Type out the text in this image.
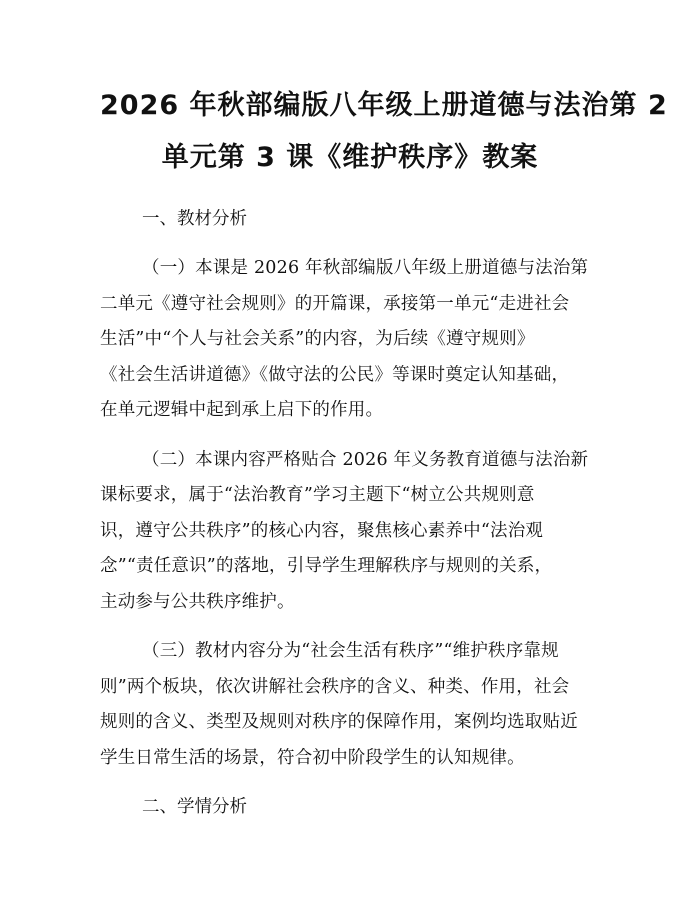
2026 年秋部编版八年级上册道德与法治第 2
单元第 3 课《维护秩序》教案
一、教材分析

（一）本课是 2026 年秋部编版八年级上册道德与法治第
二单元《遵守社会规则》的开篇课，承接第一单元“走进社会
生活”中“个人与社会关系”的内容，为后续《遵守规则》
《社会生活讲道德》《做守法的公民》等课时奠定认知基础，
在单元逻辑中起到承上启下的作用。

（二）本课内容严格贴合 2026 年义务教育道德与法治新
课标要求，属于“法治教育”学习主题下“树立公共规则意
识，遵守公共秩序”的核心内容，聚焦核心素养中“法治观
念”“责任意识”的落地，引导学生理解秩序与规则的关系，
主动参与公共秩序维护。

（三）教材内容分为“社会生活有秩序”“维护秩序靠规
则”两个板块，依次讲解社会秩序的含义、种类、作用，社会
规则的含义、类型及规则对秩序的保障作用，案例均选取贴近
学生日常生活的场景，符合初中阶段学生的认知规律。

二、学情分析
